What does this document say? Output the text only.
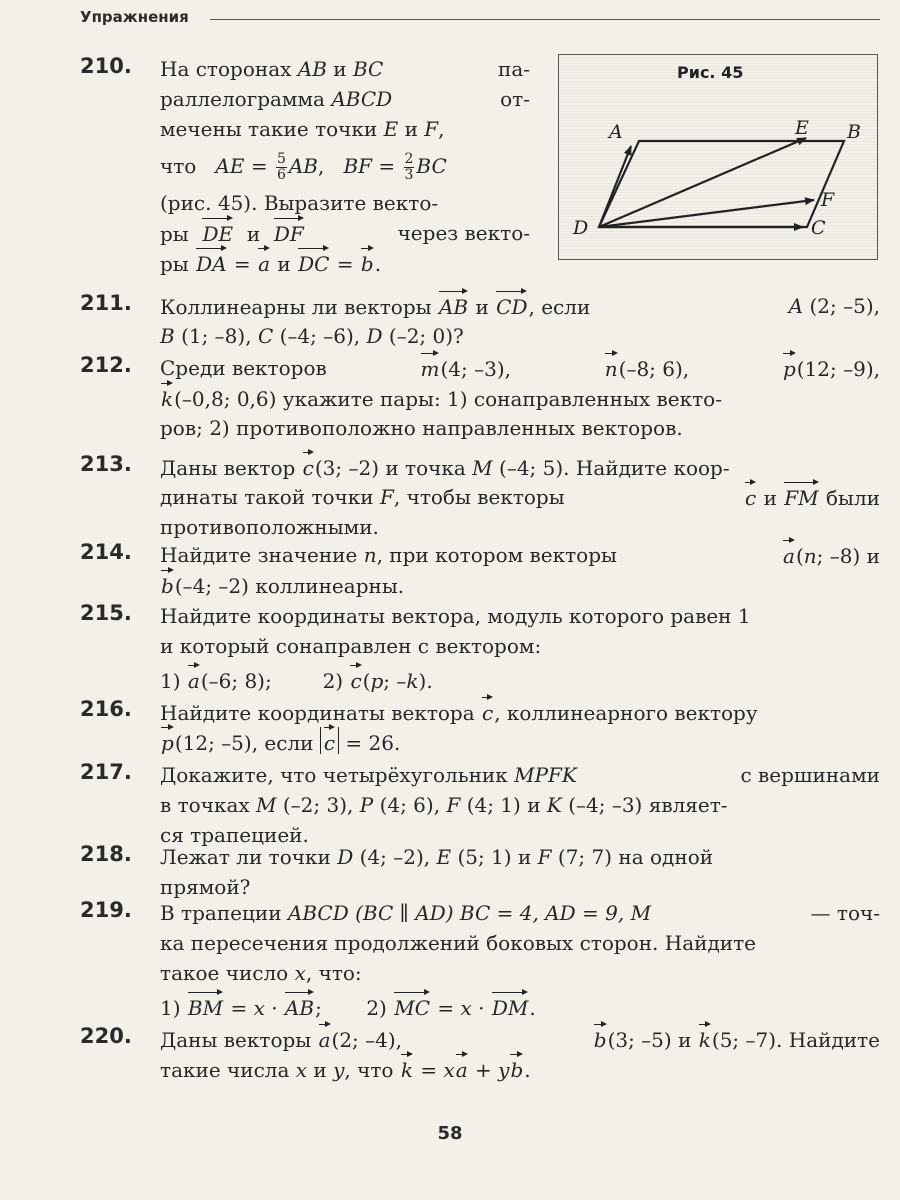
Упражнения
Рис. 45
A	E B
F
D	C
210.	На сторонах AB и BC	па-
раллелограмма ABCD	от-
мечены такие точки E и F,
что AE = $\frac{5}{6}$ AB,   BF = $\frac{2}{3}$ BC
(рис. 45). Выразите векто-
ры DE и DF	через векто-
ры DA = a и DC = b.
211.	Коллинеарны ли векторы AB и CD, если	A (2; –5),
B (1; –8), C (–4; –6), D (–2; 0)?
212.	Среди векторов	m(4; –3),	n(–8; 6),	p(12; –9),
k(–0,8; 0,6) укажите пары: 1) сонаправленных векто-
ров; 2) противоположно направленных векторов.
213.	Даны вектор c(3; –2) и точка M (–4; 5). Найдите коор-
динаты такой точки F, чтобы векторы	c и FM были
противоположными.
214.	Найдите значение n, при котором векторы	a(n; –8) и
b(–4; –2) коллинеарны.
215.	Найдите координаты вектора, модуль которого равен 1
и который сонаправлен с вектором:
1) a(–6; 8);	2) c(p; –k).
216.	Найдите координаты вектора c, коллинеарного вектору
p(12; –5), если c = 26.
217.	Докажите, что четырёхугольник MPFK	с вершинами
в точках M (–2; 3), P (4; 6), F (4; 1) и K (–4; –3) являет-
ся трапецией.
218.	Лежат ли точки D (4; –2), E (5; 1) и F (7; 7) на одной
прямой?
219.	В трапеции ABCD (BC ∥ AD) BC = 4, AD = 9, M	— точ-
ка пересечения продолжений боковых сторон. Найдите
такое число x, что:
1) BM = x · AB; 2) MC = x · DM.
220.	Даны векторы a(2; –4),	b(3; –5) и k(5; –7). Найдите
такие числа x и y, что k = xa + yb.
58
